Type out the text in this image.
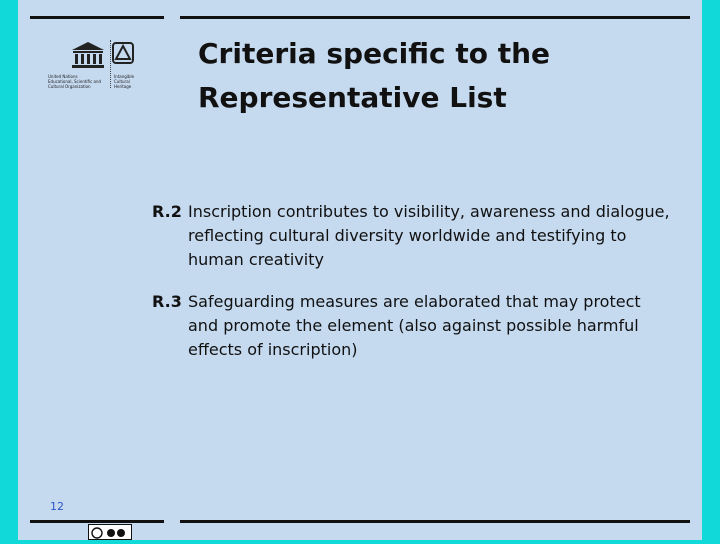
United Nations
Educational, Scientific and
Cultural Organization
Intangible
Cultural
Heritage
Criteria specific to the Representative List
R.2 Inscription contributes to visibility, awareness and dialogue, reflecting cultural diversity worldwide and testifying to human creativity
R.3 Safeguarding measures are elaborated that may protect and promote the element (also against possible harmful effects of inscription)
12
